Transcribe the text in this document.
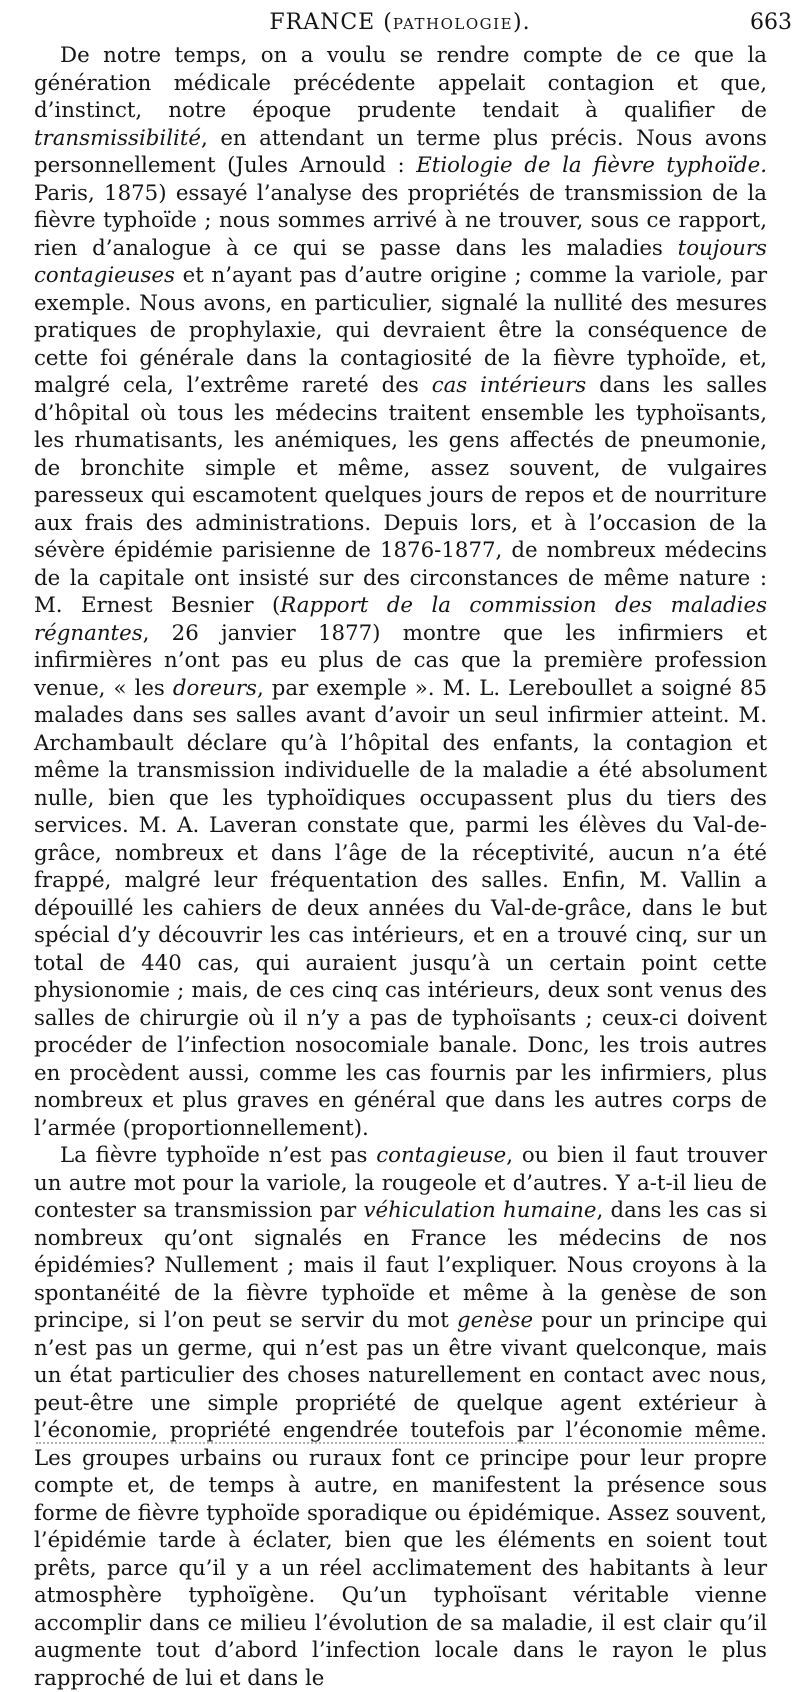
FRANCE (PATHOLOGIE).	663

De notre temps, on a voulu se rendre compte de ce que la génération médicale précédente appelait contagion et que, d’instinct, notre époque prudente tendait à qualifier de transmissibilité, en attendant un terme plus précis. Nous avons personnellement (Jules Arnould : Etiologie de la fièvre typhoïde. Paris, 1875) essayé l’analyse des propriétés de transmission de la fièvre typhoïde ; nous sommes arrivé à ne trouver, sous ce rapport, rien d’analogue à ce qui se passe dans les maladies toujours contagieuses et n’ayant pas d’autre origine ; comme la variole, par exemple. Nous avons, en particulier, signalé la nullité des mesures pratiques de prophylaxie, qui devraient être la conséquence de cette foi générale dans la contagiosité de la fièvre typhoïde, et, malgré cela, l’extrême rareté des cas intérieurs dans les salles d’hôpital où tous les médecins traitent ensemble les typhoïsants, les rhumatisants, les anémiques, les gens affectés de pneumonie, de bronchite simple et même, assez souvent, de vulgaires paresseux qui escamotent quelques jours de repos et de nourriture aux frais des administrations. Depuis lors, et à l’occasion de la sévère épidémie parisienne de 1876-1877, de nombreux médecins de la capitale ont insisté sur des circonstances de même nature : M. Ernest Besnier (Rapport de la commission des maladies régnantes, 26 janvier 1877) montre que les infirmiers et infirmières n’ont pas eu plus de cas que la première profession venue, « les doreurs, par exemple ». M. L. Lereboullet a soigné 85 malades dans ses salles avant d’avoir un seul infirmier atteint. M. Archambault déclare qu’à l’hôpital des enfants, la contagion et même la transmission individuelle de la maladie a été absolument nulle, bien que les typhoïdiques occupassent plus du tiers des services. M. A. Laveran constate que, parmi les élèves du Val-de-grâce, nombreux et dans l’âge de la réceptivité, aucun n’a été frappé, malgré leur fréquentation des salles. Enfin, M. Vallin a dépouillé les cahiers de deux années du Val-de-grâce, dans le but spécial d’y découvrir les cas intérieurs, et en a trouvé cinq, sur un total de 440 cas, qui auraient jusqu’à un certain point cette physionomie ; mais, de ces cinq cas intérieurs, deux sont venus des salles de chirurgie où il n’y a pas de typhoïsants ; ceux-ci doivent procéder de l’infection nosocomiale banale. Donc, les trois autres en procèdent aussi, comme les cas fournis par les infirmiers, plus nombreux et plus graves en général que dans les autres corps de l’armée (proportionnellement).

La fièvre typhoïde n’est pas contagieuse, ou bien il faut trouver un autre mot pour la variole, la rougeole et d’autres. Y a-t-il lieu de contester sa transmission par véhiculation humaine, dans les cas si nombreux qu’ont signalés en France les médecins de nos épidémies? Nullement ; mais il faut l’expliquer. Nous croyons à la spontanéité de la fièvre typhoïde et même à la genèse de son principe, si l’on peut se servir du mot genèse pour un principe qui n’est pas un germe, qui n’est pas un être vivant quelconque, mais un état particulier des choses naturellement en contact avec nous, peut-être une simple propriété de quelque agent extérieur à l’économie, propriété engendrée toutefois par l’économie même. Les groupes urbains ou ruraux font ce principe pour leur propre compte et, de temps à autre, en manifestent la présence sous forme de fièvre typhoïde sporadique ou épidémique. Assez souvent, l’épidémie tarde à éclater, bien que les éléments en soient tout prêts, parce qu’il y a un réel acclimatement des habitants à leur atmosphère typhoïgène. Qu’un typhoïsant véritable vienne accomplir dans ce milieu l’évolution de sa maladie, il est clair qu’il augmente tout d’abord l’infection locale dans le rayon le plus rapproché de lui et dans le
